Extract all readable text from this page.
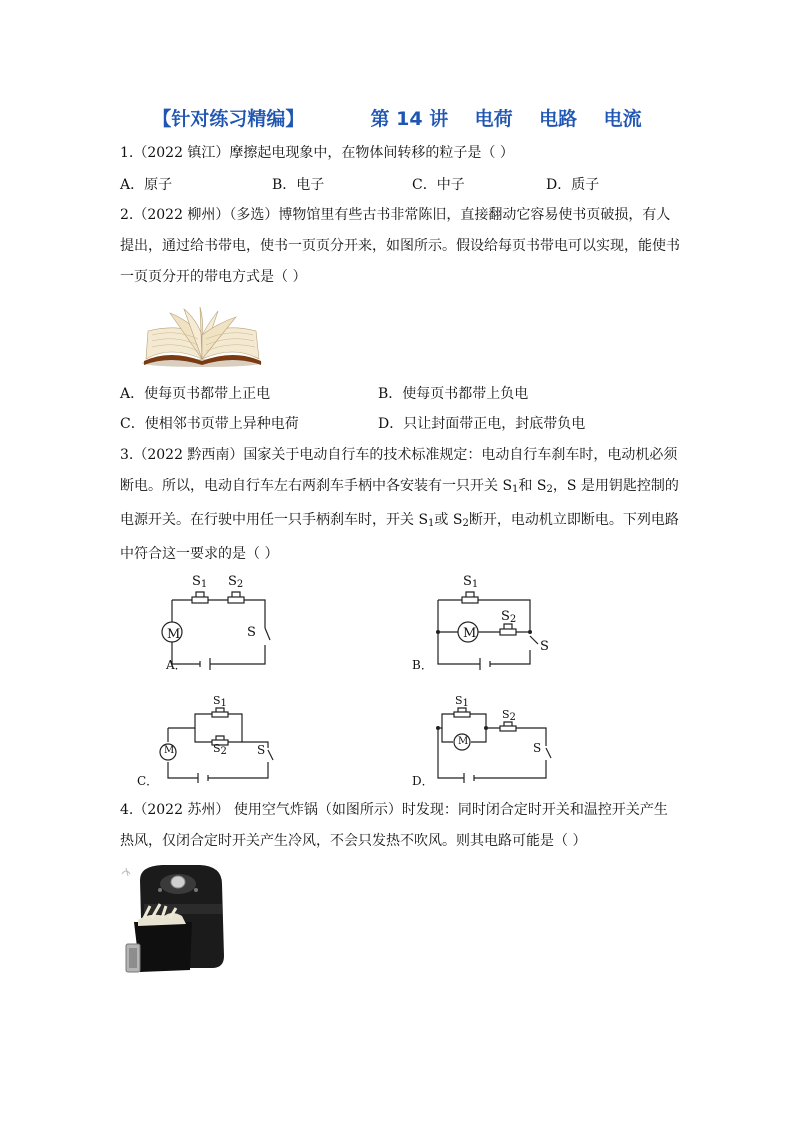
【针对练习精编】          第 14 讲    电荷    电路    电流
1.（2022 镇江）摩擦起电现象中，在物体间转移的粒子是（ ）
A．原子	B．电子	C．中子	D．质子
2.（2022 柳州）（多选）博物馆里有些古书非常陈旧，直接翻动它容易使书页破损，有人提出，通过给书带电，使书一页页分开来，如图所示。假设给每页书带电可以实现，能使书一页页分开的带电方式是（ ）
A．使每页书都带上正电	B．使每页书都带上负电
C．使相邻书页带上异种电荷	D．只让封面带正电，封底带负电
3.（2022 黔西南）国家关于电动自行车的技术标准规定：电动自行车刹车时，电动机必须
断电。所以，电动自行车左右两刹车手柄中各安装有一只开关 $S_1$和 $S_2$，S 是用钥匙控制的
电源开关。在行驶中用任一只手柄刹车时，开关 $S_1$或 $S_2$断开，电动机立即断电。下列电路
中符合这一要求的是（ ）
A．
M	S
$S_1$ $S_2$
B．
M
S
$S_1$
$S_2$
C．
M	S
S1
S2
D．
M	S
S1
S2
4.（2022 苏州） 使用空气炸锅（如图所示）时发现：同时闭合定时开关和温控开关产生热风，仅闭合定时开关产生冷风，不会只发热不吹风。则其电路可能是（ ）
